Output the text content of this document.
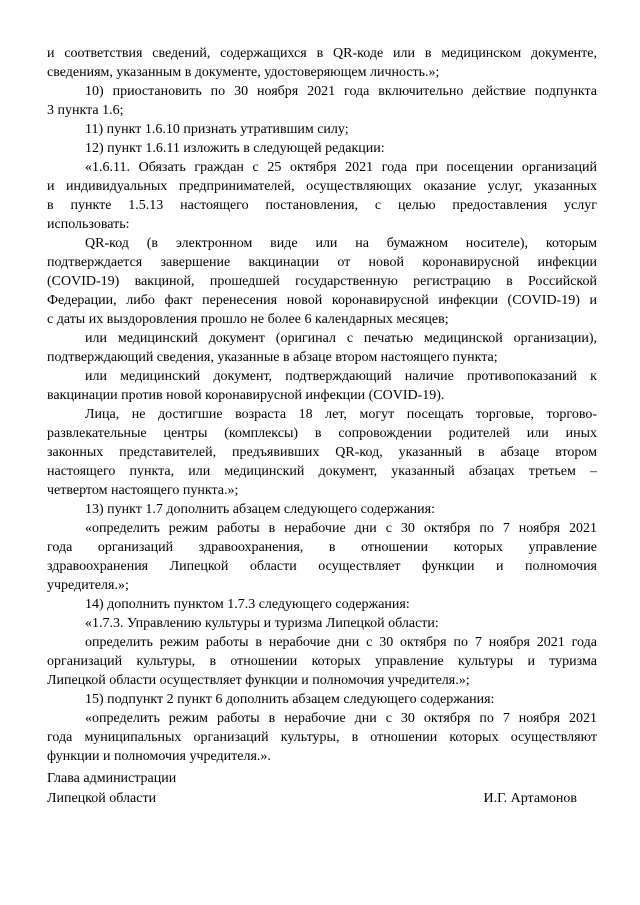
и соответствия сведений, содержащихся в QR-коде или в медицинском документе,

сведениям, указанным в документе, удостоверяющем личность.»;

10) приостановить по 30 ноября 2021 года включительно действие подпункта

3 пункта 1.6;

11) пункт 1.6.10 признать утратившим силу;

12) пункт 1.6.11 изложить в следующей редакции:

«1.6.11. Обязать граждан с 25 октября 2021 года при посещении организаций

и индивидуальных предпринимателей, осуществляющих оказание услуг, указанных

в пункте 1.5.13 настоящего постановления, с целью предоставления услуг

использовать:

QR-код (в электронном виде или на бумажном носителе), которым

подтверждается завершение вакцинации от новой коронавирусной инфекции

(COVID-19) вакциной, прошедшей государственную регистрацию в Российской

Федерации, либо факт перенесения новой коронавирусной инфекции (COVID-19) и

с даты их выздоровления прошло не более 6 календарных месяцев;

или медицинский документ (оригинал с печатью медицинской организации),

подтверждающий сведения, указанные в абзаце втором настоящего пункта;

или медицинский документ, подтверждающий наличие противопоказаний к

вакцинации против новой коронавирусной инфекции (COVID-19).

Лица, не достигшие возраста 18 лет, могут посещать торговые, торгово-

развлекательные центры (комплексы) в сопровождении родителей или иных

законных представителей, предъявивших QR-код, указанный в абзаце втором

настоящего пункта, или медицинский документ, указанный абзацах третьем –

четвертом настоящего пункта.»;

13) пункт 1.7 дополнить абзацем следующего содержания:

«определить режим работы в нерабочие дни с 30 октября по 7 ноября 2021

года организаций здравоохранения, в отношении которых управление

здравоохранения Липецкой области осуществляет функции и полномочия

учредителя.»;

14) дополнить пунктом 1.7.3 следующего содержания:

«1.7.3. Управлению культуры и туризма Липецкой области:

определить режим работы в нерабочие дни с 30 октября по 7 ноября 2021 года

организаций культуры, в отношении которых управление культуры и туризма

Липецкой области осуществляет функции и полномочия учредителя.»;

15) подпункт 2 пункт 6 дополнить абзацем следующего содержания:

«определить режим работы в нерабочие дни с 30 октября по 7 ноября 2021

года муниципальных организаций культуры, в отношении которых осуществляют

функции и полномочия учредителя.».

Глава администрации
Липецкой области	И.Г. Артамонов
